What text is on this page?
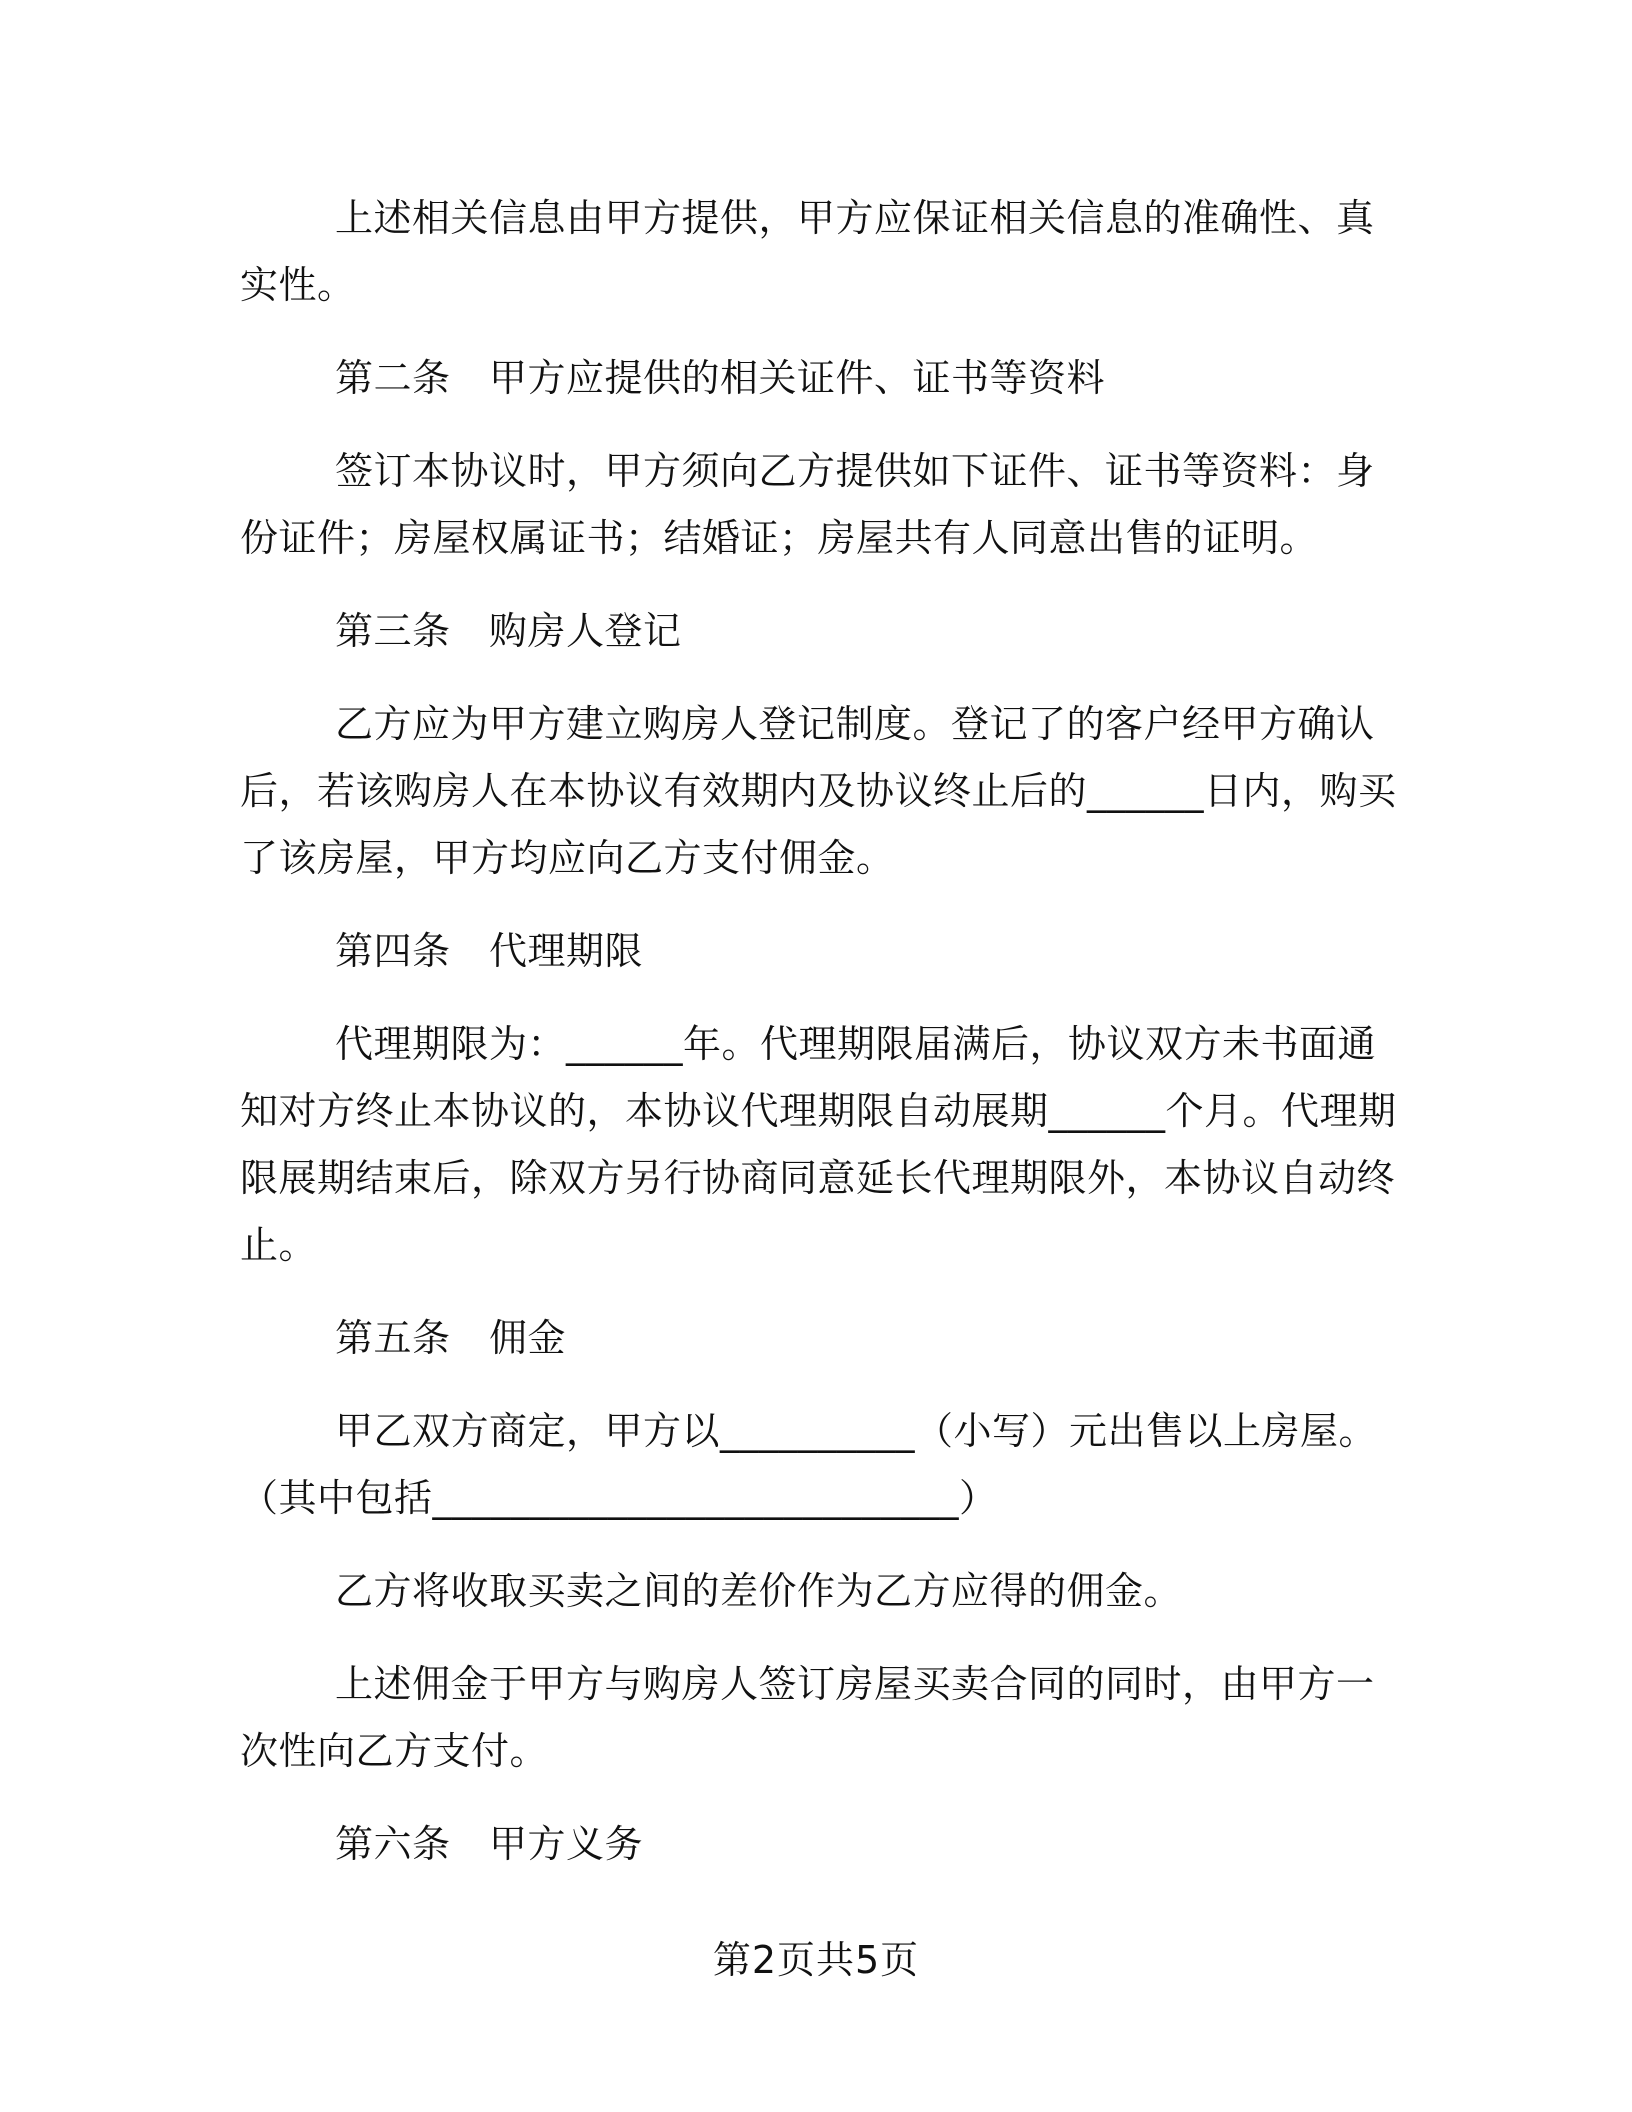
上述相关信息由甲方提供，甲方应保证相关信息的准确性、真实性。

第二条　甲方应提供的相关证件、证书等资料

签订本协议时，甲方须向乙方提供如下证件、证书等资料：身份证件；房屋权属证书；结婚证；房屋共有人同意出售的证明。

第三条　购房人登记

乙方应为甲方建立购房人登记制度。登记了的客户经甲方确认后，若该购房人在本协议有效期内及协议终止后的______日内，购买了该房屋，甲方均应向乙方支付佣金。

第四条　代理期限

代理期限为：______年。代理期限届满后，协议双方未书面通知对方终止本协议的，本协议代理期限自动展期______个月。代理期限展期结束后，除双方另行协商同意延长代理期限外，本协议自动终止。

第五条　佣金

甲乙双方商定，甲方以__________（小写）元出售以上房屋。（其中包括___________________________）

乙方将收取买卖之间的差价作为乙方应得的佣金。

上述佣金于甲方与购房人签订房屋买卖合同的同时，由甲方一次性向乙方支付。

第六条　甲方义务

第2页共5页
